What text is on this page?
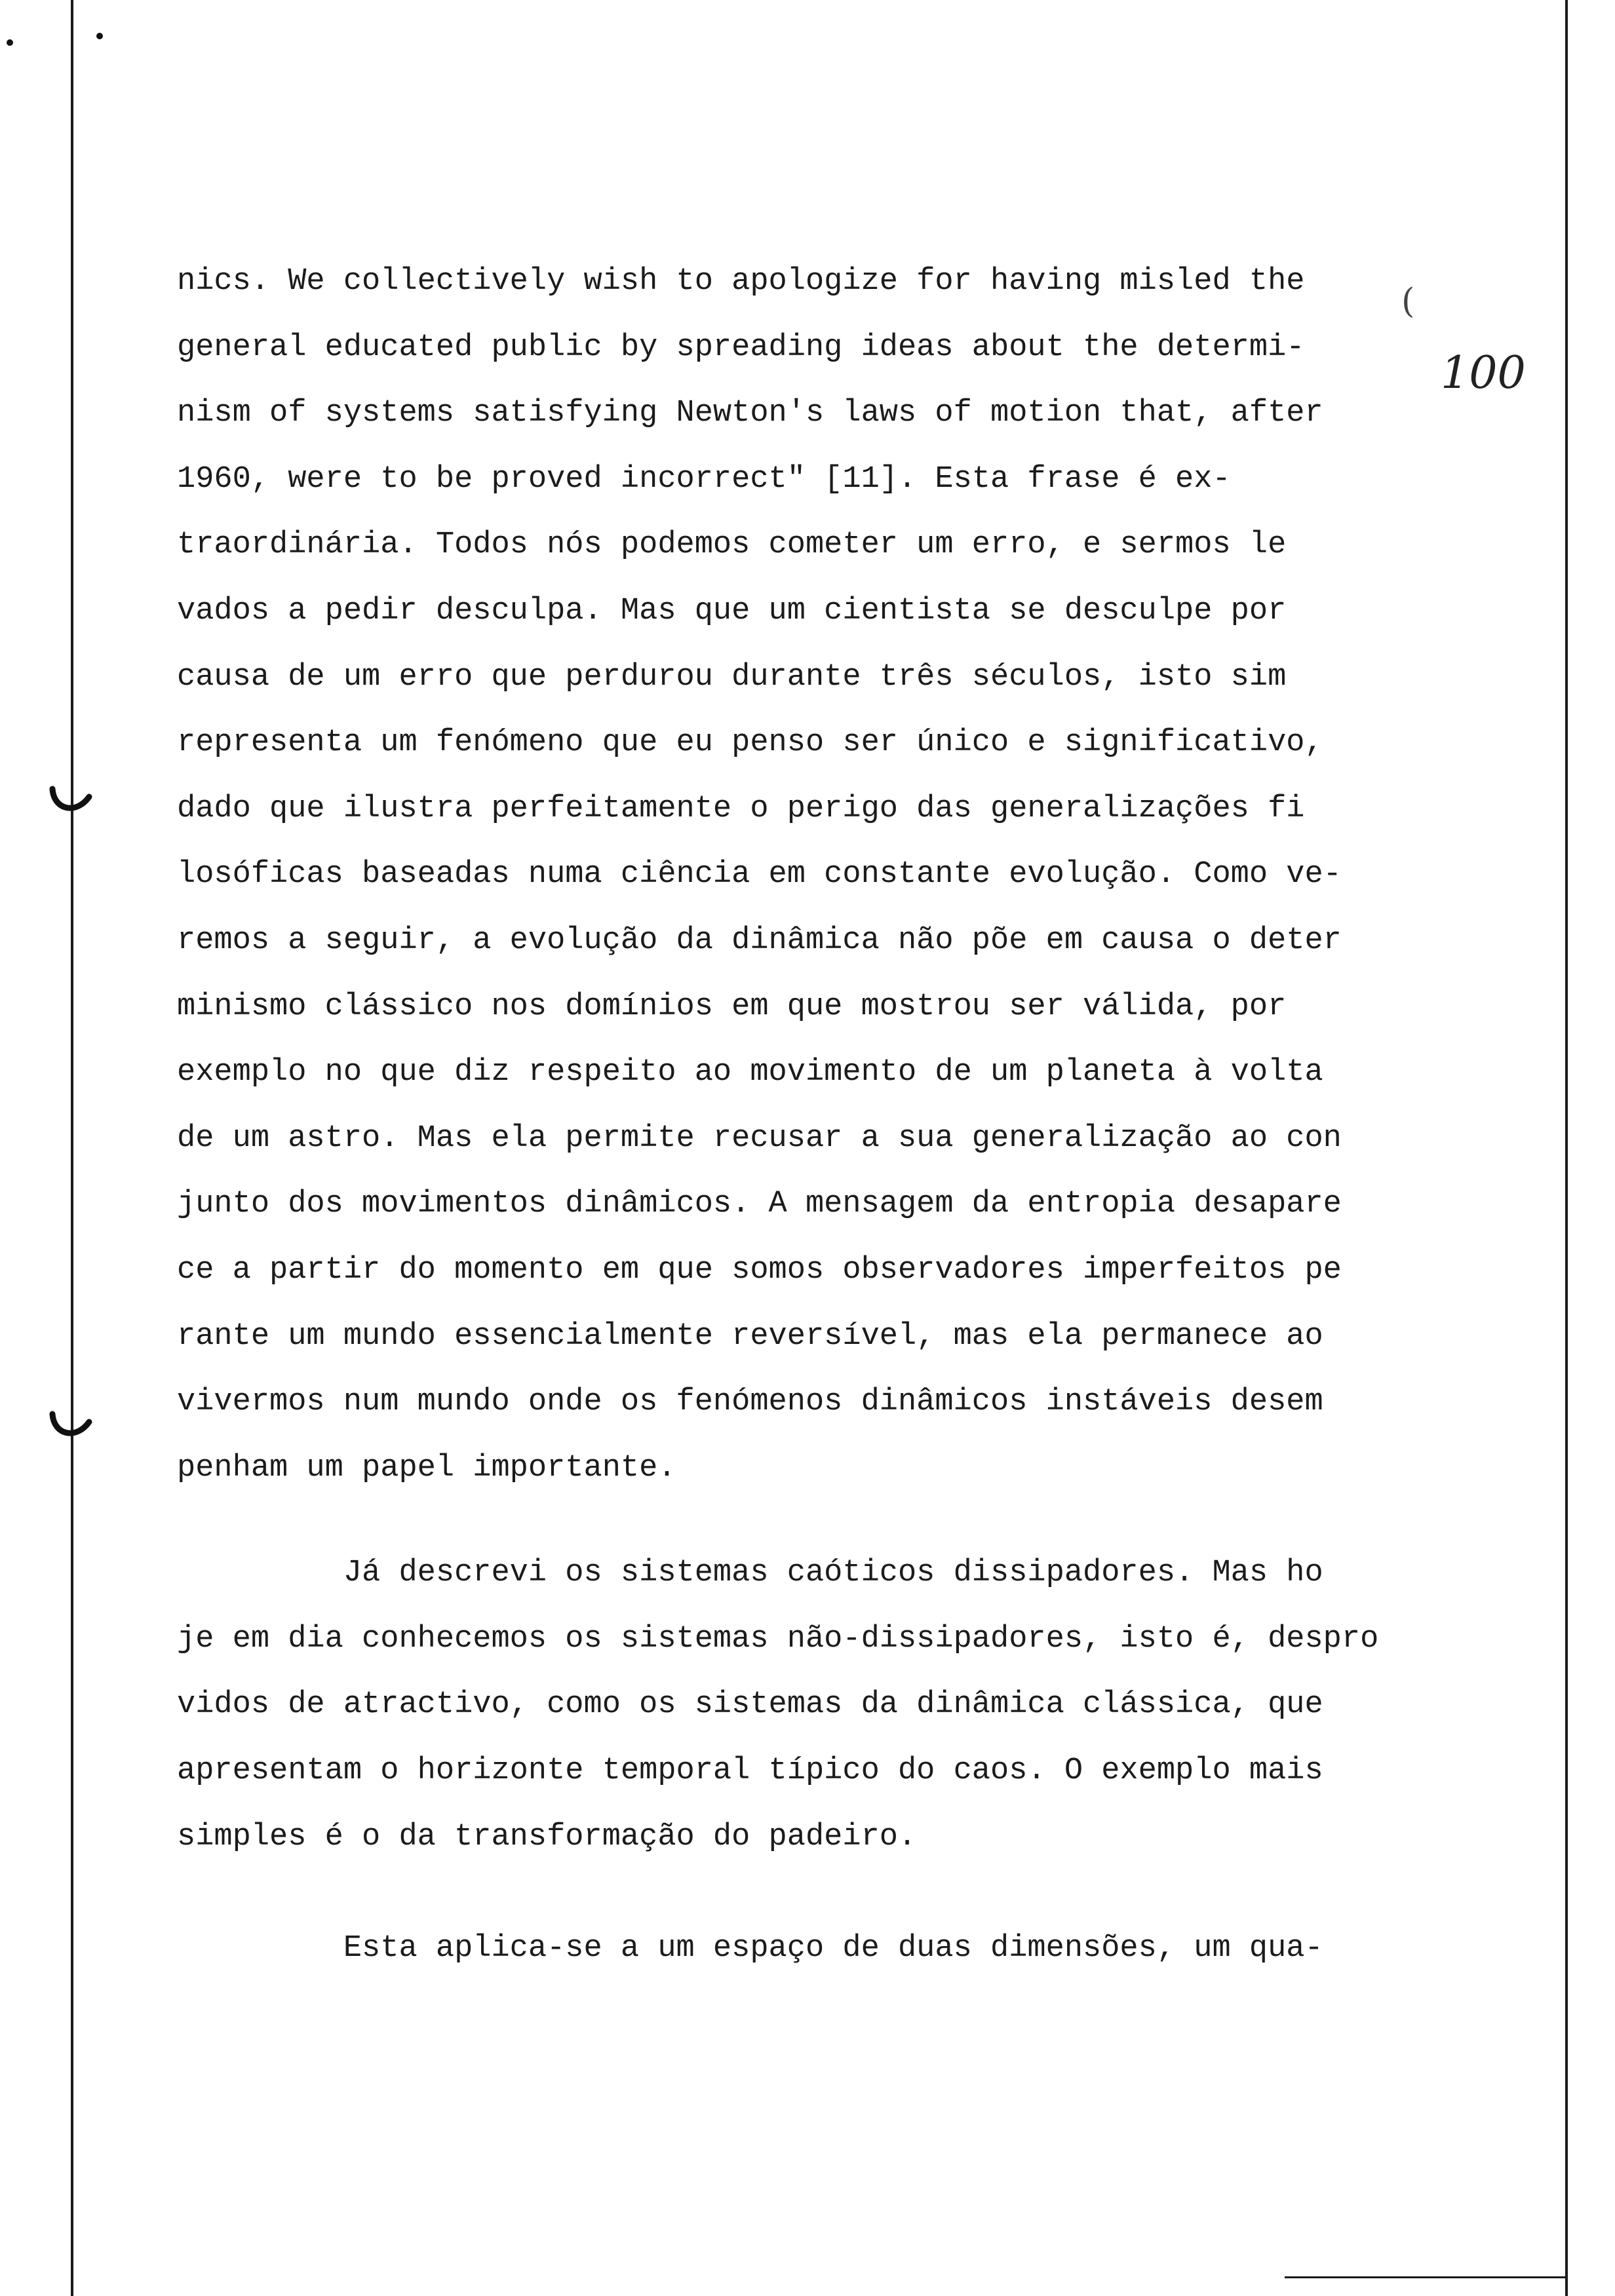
(
100
nics. We collectively wish to apologize for having misled the
general educated public by spreading ideas about the determi-
nism of systems satisfying Newton's laws of motion that, after
1960, were to be proved incorrect" [11]. Esta frase é ex-
traordinária. Todos nós podemos cometer um erro, e sermos le
vados a pedir desculpa. Mas que um cientista se desculpe por
causa de um erro que perdurou durante três séculos, isto sim
representa um fenómeno que eu penso ser único e significativo,
dado que ilustra perfeitamente o perigo das generalizações fi
losóficas baseadas numa ciência em constante evolução. Como ve-
remos a seguir, a evolução da dinâmica não põe em causa o deter
minismo clássico nos domínios em que mostrou ser válida, por
exemplo no que diz respeito ao movimento de um planeta à volta
de um astro. Mas ela permite recusar a sua generalização ao con
junto dos movimentos dinâmicos. A mensagem da entropia desapare
ce a partir do momento em que somos observadores imperfeitos pe
rante um mundo essencialmente reversível, mas ela permanece ao
vivermos num mundo onde os fenómenos dinâmicos instáveis desem
penham um papel importante.
Já descrevi os sistemas caóticos dissipadores. Mas ho
je em dia conhecemos os sistemas não-dissipadores, isto é, despro
vidos de atractivo, como os sistemas da dinâmica clássica, que
apresentam o horizonte temporal típico do caos. O exemplo mais
simples é o da transformação do padeiro.
Esta aplica-se a um espaço de duas dimensões, um qua-
